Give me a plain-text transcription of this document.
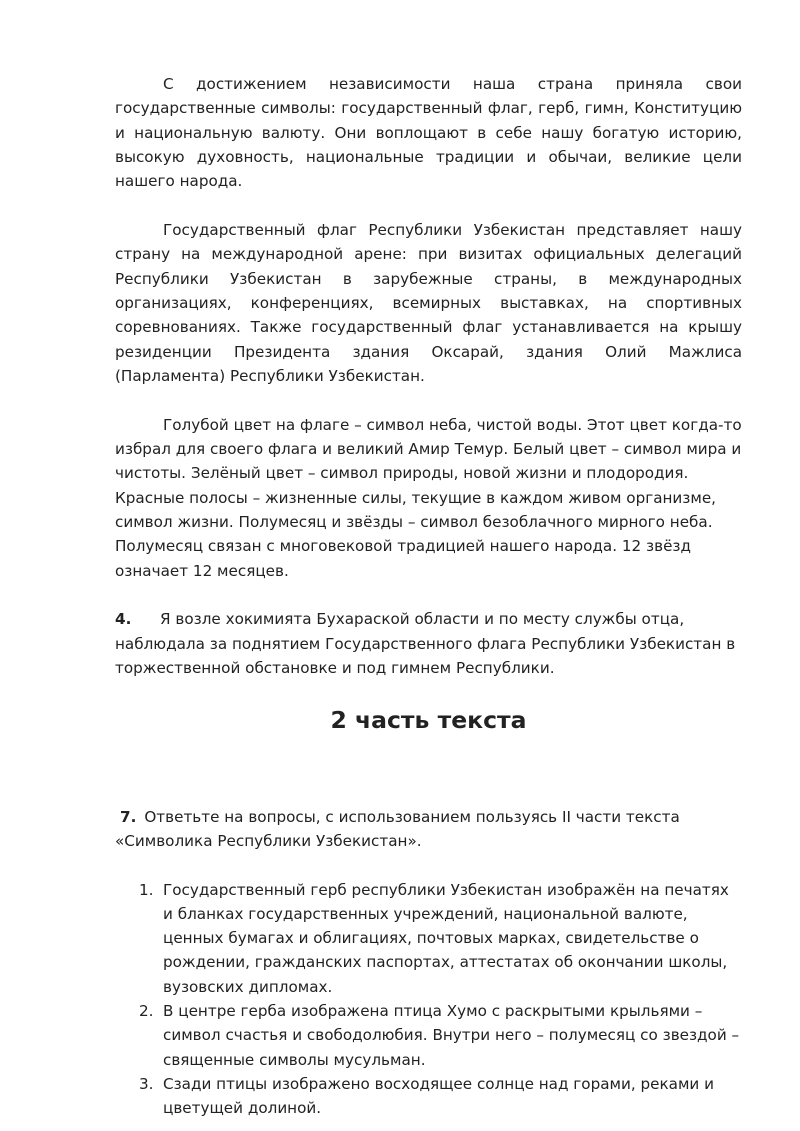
С достижением независимости наша страна приняла свои государственные символы: государственный флаг, герб, гимн, Конституцию и национальную валюту. Они воплощают в себе нашу богатую историю, высокую духовность, национальные традиции и обычаи, великие цели нашего народа.

Государственный флаг Республики Узбекистан представляет нашу страну на международной арене: при визитах официальных делегаций Республики Узбекистан в зарубежные страны, в международных организациях, конференциях, всемирных выставках, на спортивных соревнованиях. Также государственный флаг устанавливается на крышу резиденции Президента здания Оксарай, здания Олий Мажлиса (Парламента) Республики Узбекистан.

Голубой цвет на флаге – символ неба, чистой воды. Этот цвет когда-то избрал для своего флага и великий Амир Темур. Белый цвет – символ мира и чистоты. Зелёный цвет – символ природы, новой жизни и плодородия. Красные полосы – жизненные силы, текущие в каждом живом организме, символ жизни. Полумесяц и звёзды – символ безоблачного мирного неба. Полумесяц связан с многовековой традицией нашего народа. 12 звёзд означает 12 месяцев.

4. Я возле хокимията Бухараской области и по месту службы отца, наблюдала за поднятием Государственного флага Республики Узбекистан в торжественной обстановке и под гимнем Республики.

2 часть текста

7. Ответьте на вопросы, с использованием пользуясь II части текста «Символика Республики Узбекистан».

1. Государственный герб республики Узбекистан изображён на печатях и бланках государственных учреждений, национальной валюте, ценных бумагах и облигациях, почтовых марках, свидетельстве о рождении, гражданских паспортах, аттестатах об окончании школы, вузовских дипломах.
2. В центре герба изображена птица Хумо с раскрытыми крыльями – символ счастья и свободолюбия. Внутри него – полумесяц со звездой – священные символы мусульман.
3. Сзади птицы изображено восходящее солнце над горами, реками и цветущей долиной.
